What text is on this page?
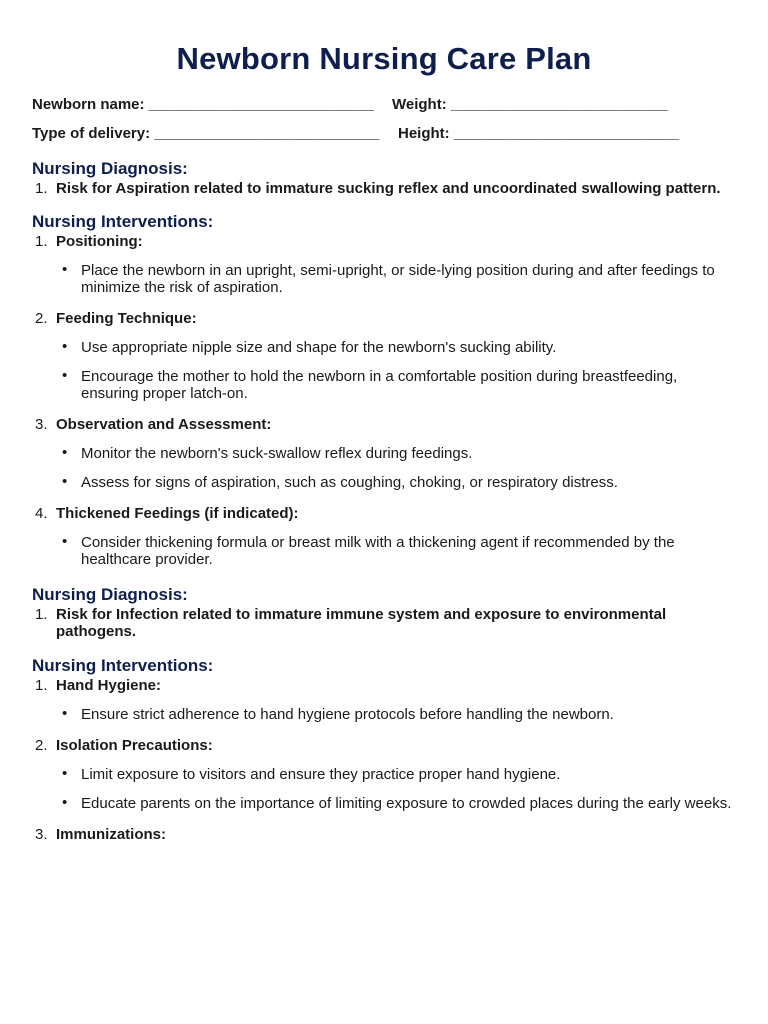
Newborn Nursing Care Plan
Newborn name: ___________________________	Weight: __________________________
Type of delivery: ___________________________	Height: ___________________________
Nursing Diagnosis:
1. Risk for Aspiration related to immature sucking reflex and uncoordinated swallowing pattern.
Nursing Interventions:
1. Positioning:
• Place the newborn in an upright, semi-upright, or side-lying position during and after feedings to minimize the risk of aspiration.
2. Feeding Technique:
• Use appropriate nipple size and shape for the newborn's sucking ability.
• Encourage the mother to hold the newborn in a comfortable position during breastfeeding, ensuring proper latch-on.
3. Observation and Assessment:
• Monitor the newborn's suck-swallow reflex during feedings.
• Assess for signs of aspiration, such as coughing, choking, or respiratory distress.
4. Thickened Feedings (if indicated):
• Consider thickening formula or breast milk with a thickening agent if recommended by the healthcare provider.
Nursing Diagnosis:
1. Risk for Infection related to immature immune system and exposure to environmental pathogens.
Nursing Interventions:
1. Hand Hygiene:
• Ensure strict adherence to hand hygiene protocols before handling the newborn.
2. Isolation Precautions:
• Limit exposure to visitors and ensure they practice proper hand hygiene.
• Educate parents on the importance of limiting exposure to crowded places during the early weeks.
3. Immunizations:
